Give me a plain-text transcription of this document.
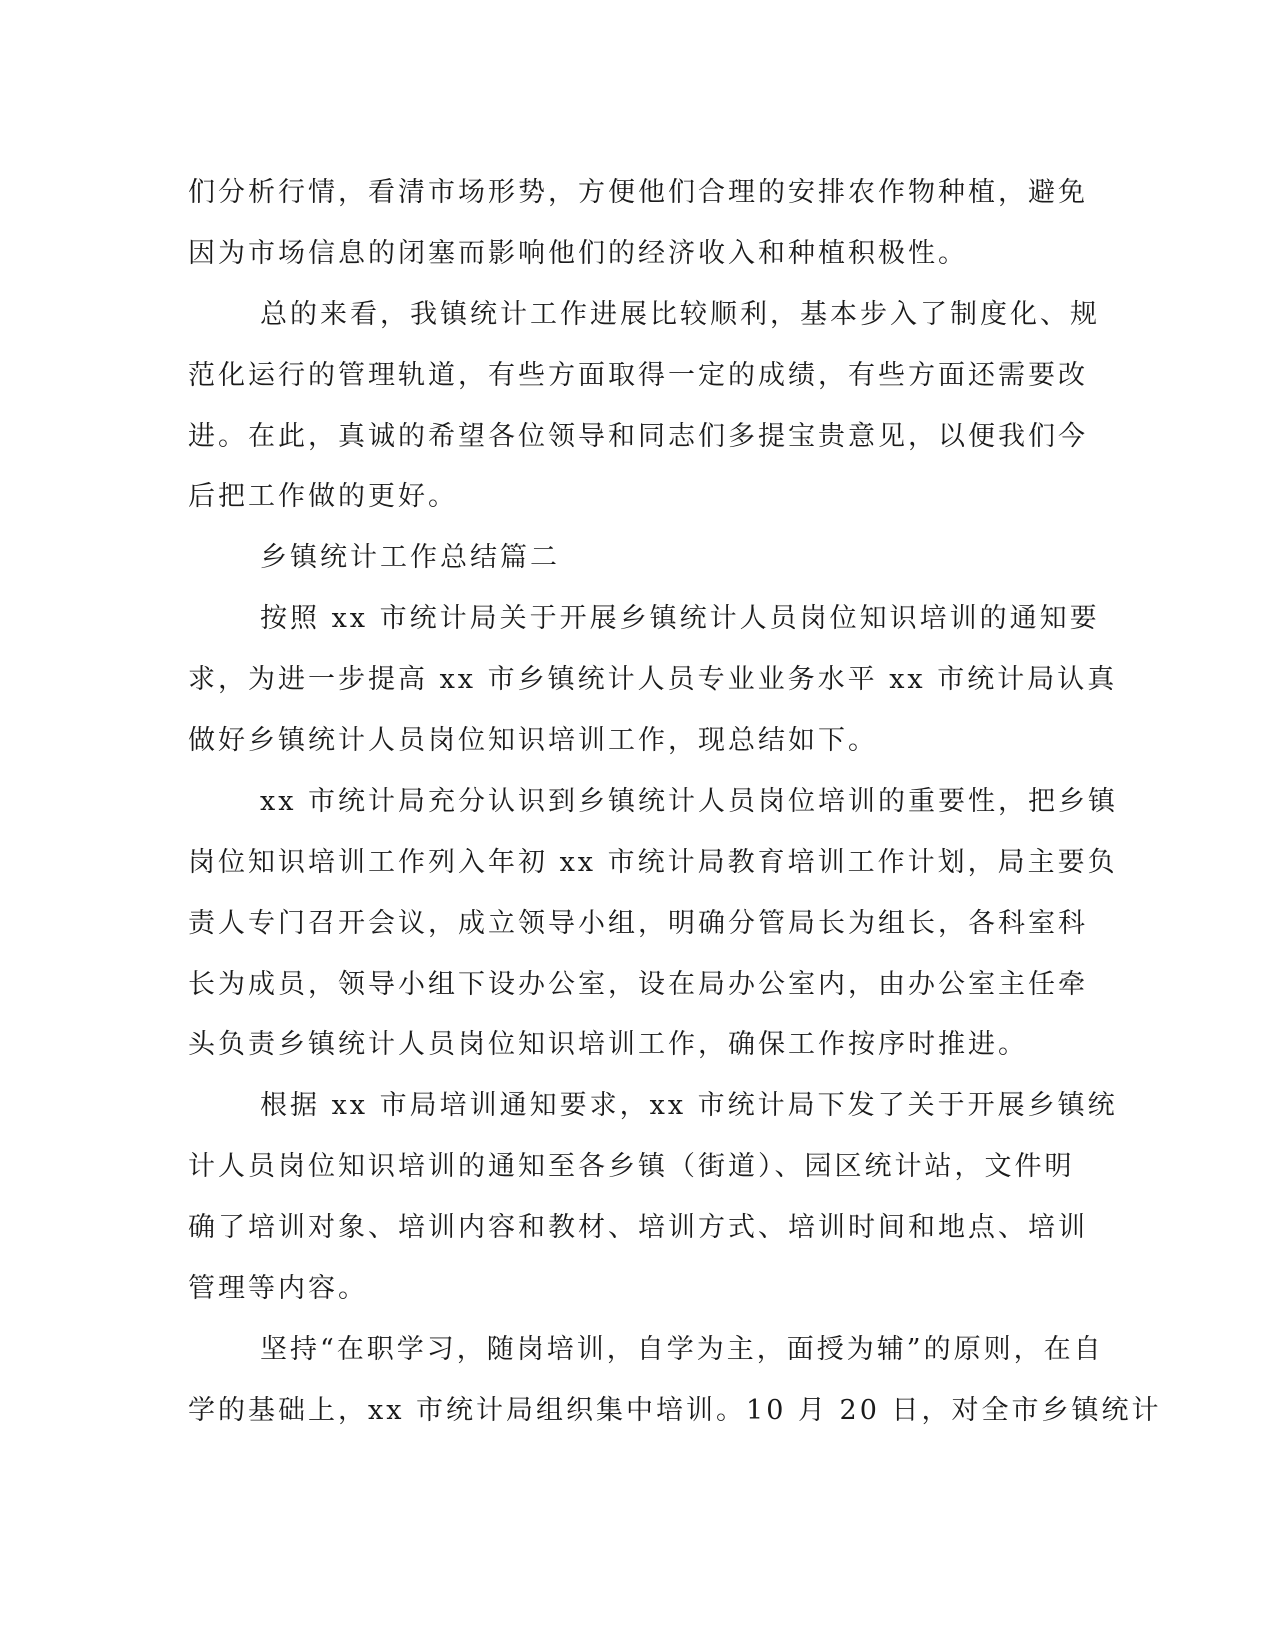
们分析行情，看清市场形势，方便他们合理的安排农作物种植，避免
因为市场信息的闭塞而影响他们的经济收入和种植积极性。
总的来看，我镇统计工作进展比较顺利，基本步入了制度化、规
范化运行的管理轨道，有些方面取得一定的成绩，有些方面还需要改
进。在此，真诚的希望各位领导和同志们多提宝贵意见，以便我们今
后把工作做的更好。
乡镇统计工作总结篇二
按照 xx 市统计局关于开展乡镇统计人员岗位知识培训的通知要
求，为进一步提高 xx 市乡镇统计人员专业业务水平 xx 市统计局认真
做好乡镇统计人员岗位知识培训工作，现总结如下。
xx 市统计局充分认识到乡镇统计人员岗位培训的重要性，把乡镇
岗位知识培训工作列入年初 xx 市统计局教育培训工作计划，局主要负
责人专门召开会议，成立领导小组，明确分管局长为组长，各科室科
长为成员，领导小组下设办公室，设在局办公室内，由办公室主任牵
头负责乡镇统计人员岗位知识培训工作，确保工作按序时推进。
根据 xx 市局培训通知要求，xx 市统计局下发了关于开展乡镇统
计人员岗位知识培训的通知至各乡镇（街道）、园区统计站，文件明
确了培训对象、培训内容和教材、培训方式、培训时间和地点、培训
管理等内容。
坚持“在职学习，随岗培训，自学为主，面授为辅”的原则，在自
学的基础上，xx 市统计局组织集中培训。10 月 20 日，对全市乡镇统计
